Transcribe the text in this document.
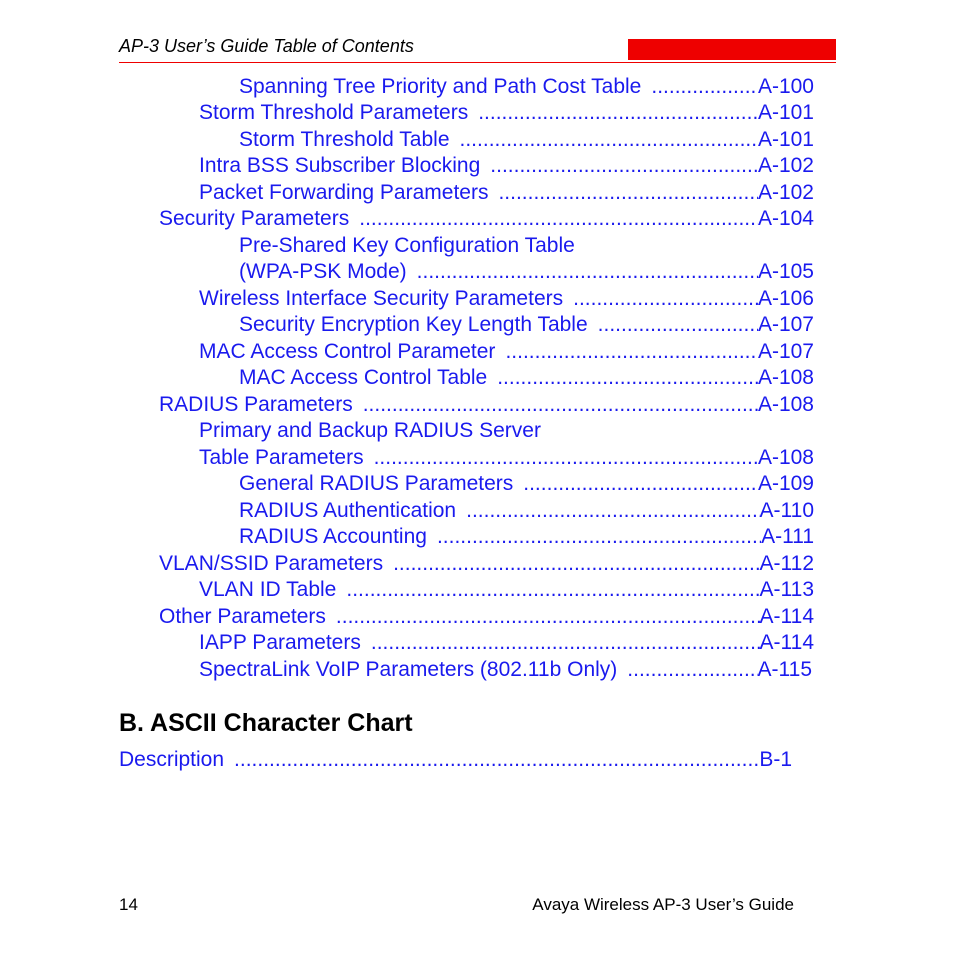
AP-3 User’s Guide Table of Contents
Spanning Tree Priority and Path Cost Table .....	A-100
Storm Threshold Parameters .....	A-101
Storm Threshold Table .....	A-101
Intra BSS Subscriber Blocking .....	A-102
Packet Forwarding Parameters .....	A-102
Security Parameters .....	A-104
Pre-Shared Key Configuration Table
(WPA-PSK Mode) .....	A-105
Wireless Interface Security Parameters .....	A-106
Security Encryption Key Length Table .....	A-107
MAC Access Control Parameter .....	A-107
MAC Access Control Table .....	A-108
RADIUS Parameters .....	A-108
Primary and Backup RADIUS Server
Table Parameters .....	A-108
General RADIUS Parameters .....	A-109
RADIUS Authentication .....	A-110
RADIUS Accounting .....	A-111
VLAN/SSID Parameters .....	A-112
VLAN ID Table .....	A-113
Other Parameters .....	A-114
IAPP Parameters .....	A-114
SpectraLink VoIP Parameters (802.11b Only) .....	A-115
B. ASCII Character Chart
Description .....	B-1
14	Avaya Wireless AP-3 User’s Guide
